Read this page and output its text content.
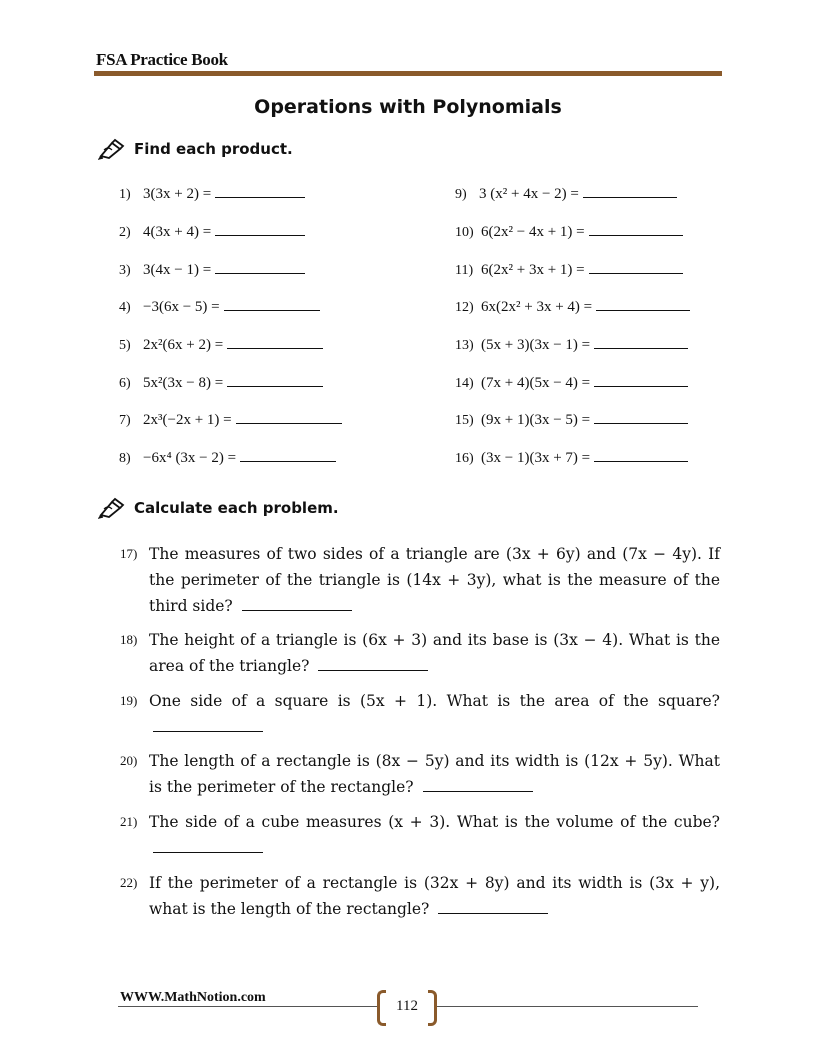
FSA Practice Book
Operations with Polynomials
Find each product.
1) 3(3x + 2) =
2) 4(3x + 4) =
3) 3(4x − 1) =
4) −3(6x − 5) =
5) 2x²(6x + 2) =
6) 5x²(3x − 8) =
7) 2x³(−2x + 1) =
8) −6x⁴ (3x − 2) =
9) 3 (x² + 4x − 2) =
10) 6(2x² − 4x + 1) =
11) 6(2x² + 3x + 1) =
12) 6x(2x² + 3x + 4) =
13) (5x + 3)(3x − 1) =
14) (7x + 4)(5x − 4) =
15) (9x + 1)(3x − 5) =
16) (3x − 1)(3x + 7) =
Calculate each problem.
17) The measures of two sides of a triangle are (3x + 6y) and (7x − 4y). If the perimeter of the triangle is (14x + 3y), what is the measure of the third side?
18) The height of a triangle is (6x + 3) and its base is (3x − 4). What is the area of the triangle?
19) One side of a square is (5x + 1). What is the area of the square?
20) The length of a rectangle is (8x − 5y) and its width is (12x + 5y). What is the perimeter of the rectangle?
21) The side of a cube measures (x + 3). What is the volume of the cube?
22) If the perimeter of a rectangle is (32x + 8y) and its width is (3x + y), what is the length of the rectangle?
WWW.MathNotion.com
112
